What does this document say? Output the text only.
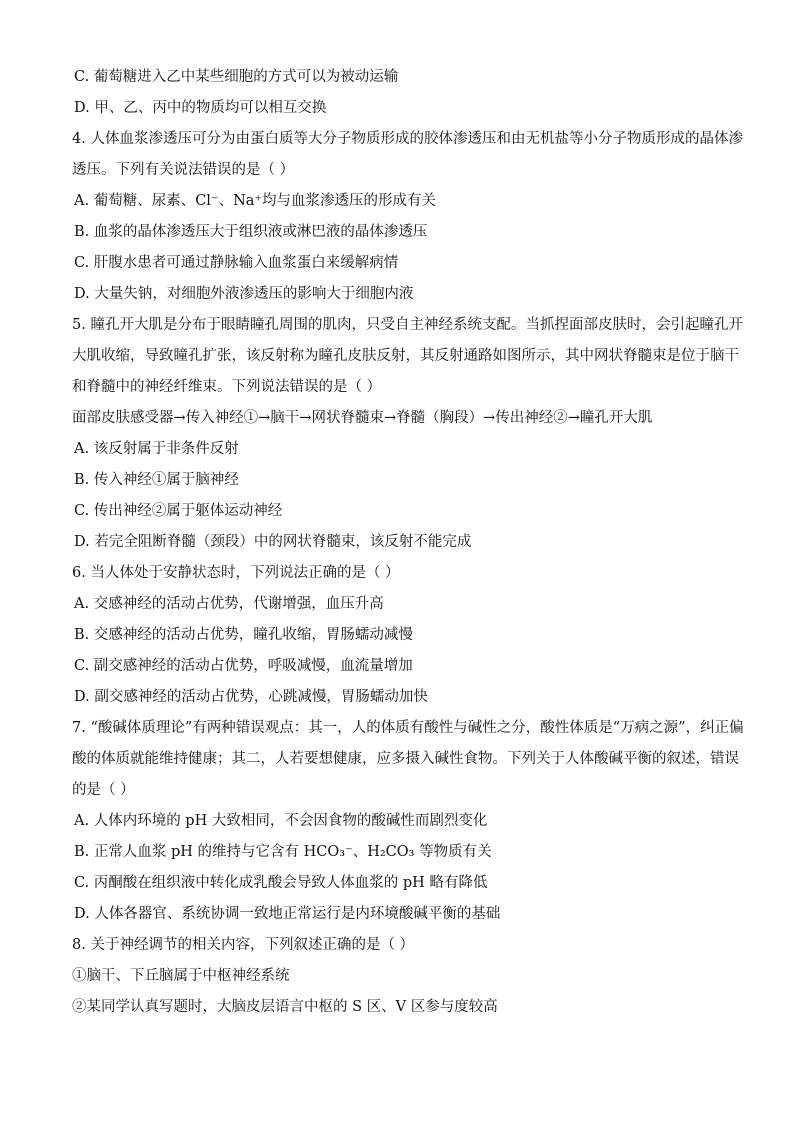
C. 葡萄糖进入乙中某些细胞的方式可以为被动运输
D. 甲、乙、丙中的物质均可以相互交换
4. 人体血浆渗透压可分为由蛋白质等大分子物质形成的胶体渗透压和由无机盐等小分子物质形成的晶体渗
透压。下列有关说法错误的是（ ）
A. 葡萄糖、尿素、Cl⁻、Na⁺均与血浆渗透压的形成有关
B. 血浆的晶体渗透压大于组织液或淋巴液的晶体渗透压
C. 肝腹水患者可通过静脉输入血浆蛋白来缓解病情
D. 大量失钠，对细胞外液渗透压的影响大于细胞内液
5. 瞳孔开大肌是分布于眼睛瞳孔周围的肌肉，只受自主神经系统支配。当抓捏面部皮肤时，会引起瞳孔开
大肌收缩，导致瞳孔扩张，该反射称为瞳孔皮肤反射，其反射通路如图所示，其中网状脊髓束是位于脑干
和脊髓中的神经纤维束。下列说法错误的是（ ）
面部皮肤感受器→传入神经①→脑干→网状脊髓束→脊髓（胸段）→传出神经②→瞳孔开大肌
A. 该反射属于非条件反射
B. 传入神经①属于脑神经
C. 传出神经②属于躯体运动神经
D. 若完全阻断脊髓（颈段）中的网状脊髓束，该反射不能完成
6. 当人体处于安静状态时，下列说法正确的是（ ）
A. 交感神经的活动占优势，代谢增强，血压升高
B. 交感神经的活动占优势，瞳孔收缩，胃肠蠕动减慢
C. 副交感神经的活动占优势，呼吸减慢，血流量增加
D. 副交感神经的活动占优势，心跳减慢，胃肠蠕动加快
7. “酸碱体质理论”有两种错误观点：其一，人的体质有酸性与碱性之分，酸性体质是“万病之源”，纠正偏
酸的体质就能维持健康；其二，人若要想健康，应多摄入碱性食物。下列关于人体酸碱平衡的叙述，错误
的是（ ）
A. 人体内环境的 pH 大致相同，不会因食物的酸碱性而剧烈变化
B. 正常人血浆 pH 的维持与它含有 HCO₃⁻、H₂CO₃ 等物质有关
C. 丙酮酸在组织液中转化成乳酸会导致人体血浆的 pH 略有降低
D. 人体各器官、系统协调一致地正常运行是内环境酸碱平衡的基础
8. 关于神经调节的相关内容，下列叙述正确的是（ ）
①脑干、下丘脑属于中枢神经系统
②某同学认真写题时，大脑皮层语言中枢的 S 区、V 区参与度较高
